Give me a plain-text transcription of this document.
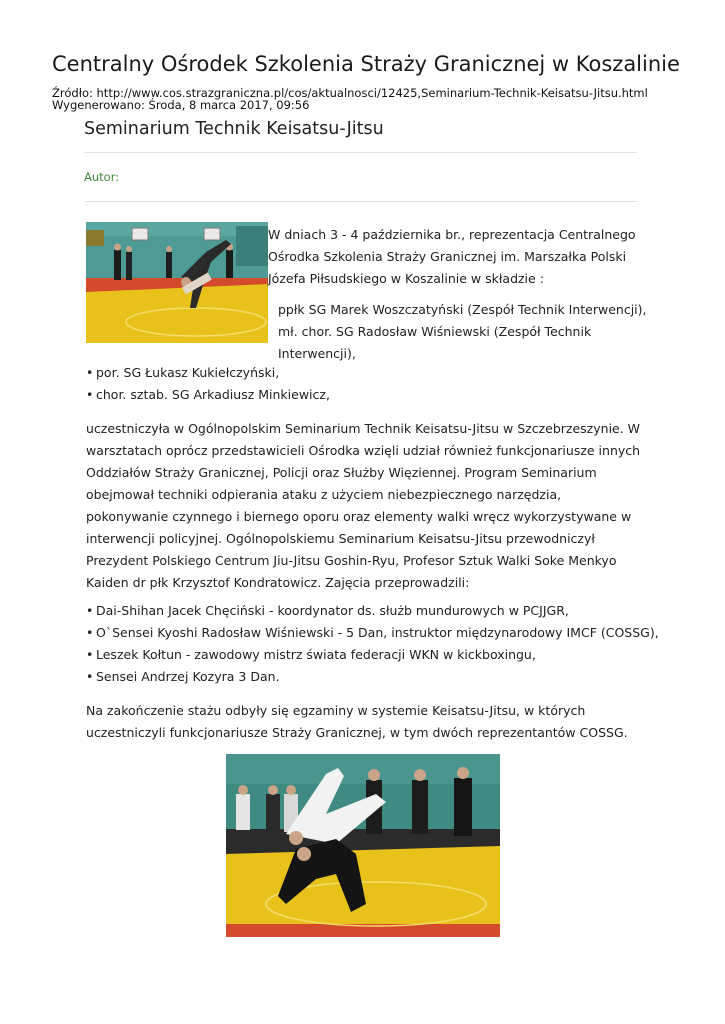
Centralny Ośrodek Szkolenia Straży Granicznej w Koszalinie
Źródło: http://www.cos.strazgraniczna.pl/cos/aktualnosci/12425,Seminarium-Technik-Keisatsu-Jitsu.html
Wygenerowano: Środa, 8 marca 2017, 09:56
Seminarium Technik Keisatsu-Jitsu
Autor:
W dniach 3 - 4 października br., reprezentacja Centralnego Ośrodka Szkolenia Straży Granicznej im. Marszałka Polski Józefa Piłsudskiego w Koszalinie w składzie :
ppłk SG Marek Woszczatyński (Zespół Technik Interwencji),
mł. chor. SG Radosław Wiśniewski (Zespół Technik Interwencji),
• por. SG Łukasz Kukiełczyński,
• chor. sztab. SG Arkadiusz Minkiewicz,
uczestniczyła w Ogólnopolskim Seminarium Technik Keisatsu-Jitsu w Szczebrzeszynie. W warsztatach oprócz przedstawicieli Ośrodka wzięli udział również funkcjonariusze innych Oddziałów Straży Granicznej, Policji oraz Służby Więziennej. Program Seminarium obejmował techniki odpierania ataku z użyciem niebezpiecznego narzędzia, pokonywanie czynnego i biernego oporu oraz elementy walki wręcz wykorzystywane w interwencji policyjnej. Ogólnopolskiemu Seminarium Keisatsu-Jitsu przewodniczył Prezydent Polskiego Centrum Jiu-Jitsu Goshin-Ryu, Profesor Sztuk Walki Soke Menkyo Kaiden dr płk Krzysztof Kondratowicz. Zajęcia przeprowadzili:
• Dai-Shihan Jacek Chęciński - koordynator ds. służb mundurowych w PCJJGR,
• O`Sensei Kyoshi Radosław Wiśniewski - 5 Dan, instruktor międzynarodowy IMCF (COSSG),
• Leszek Kołtun - zawodowy mistrz świata federacji WKN w kickboxingu,
• Sensei Andrzej Kozyra 3 Dan.
Na zakończenie stażu odbyły się egzaminy w systemie Keisatsu-Jitsu, w których uczestniczyli funkcjonariusze Straży Granicznej, w tym dwóch reprezentantów COSSG.
